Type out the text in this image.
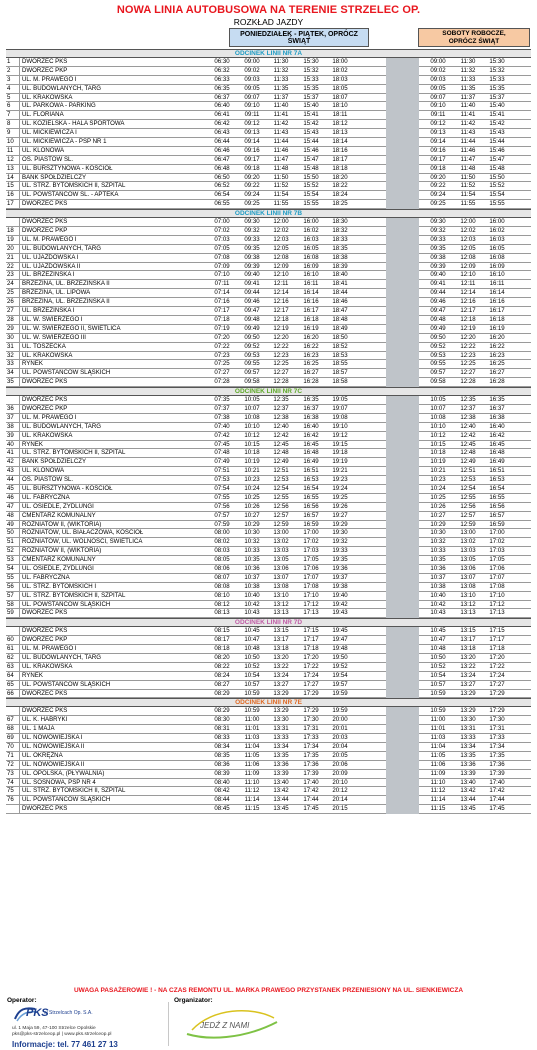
NOWA LINIA AUTOBUSOWA NA TERENIE STRZELEC OP.
ROZKŁAD JAZDY
PONIEDZIAŁEK - PIĄTEK, OPRÓCZ ŚWIĄT
SOBOTY ROBOCZE,
OPRÓCZ ŚWIĄT
ODCINEK LINII NR 7A
1	DWORZEC PKS	06:30	09:00	11:30	15:30	18:00	09:00	11:30	15:30
2	DWORZEC PKP	06:32	09:02	11:32	15:32	18:02	09:02	11:32	15:32
3	UL. M. PRAWEGO I	06:33	09:03	11:33	15:33	18:03	09:03	11:33	15:33
4	UL. BUDOWLANYCH, TARG	06:35	09:05	11:35	15:35	18:05	09:05	11:35	15:35
5	UL. KRAKOWSKA	06:37	09:07	11:37	15:37	18:07	09:07	11:37	15:37
6	UL. PARKOWA - PARKING	06:40	09:10	11:40	15:40	18:10	09:10	11:40	15:40
7	UL. FLORIANA	06:41	09:11	11:41	15:41	18:11	09:11	11:41	15:41
8	UL. KOZIELSKA - HALA SPORTOWA	06:42	09:12	11:42	15:42	18:12	09:12	11:42	15:42
9	UL. MICKIEWICZA I	06:43	09:13	11:43	15:43	18:13	09:13	11:43	15:43
10	UL. MICKIEWICZA - PSP NR 1	06:44	09:14	11:44	15:44	18:14	09:14	11:44	15:44
11	UL. KLONOWA	06:46	09:16	11:46	15:46	18:16	09:16	11:46	15:46
12	OS. PIASTÓW ŚL.	06:47	09:17	11:47	15:47	18:17	09:17	11:47	15:47
13	UL. BURSZTYNOWA - KOŚCIÓŁ	06:48	09:18	11:48	15:48	18:18	09:18	11:48	15:48
14	BANK SPÓŁDZIELCZY	06:50	09:20	11:50	15:50	18:20	09:20	11:50	15:50
15	UL. STRZ. BYTOMSKICH II, SZPITAL	06:52	09:22	11:52	15:52	18:22	09:22	11:52	15:52
16	UL. POWSTAŃCÓW ŚL. - APTEKA	06:54	09:24	11:54	15:54	18:24	09:24	11:54	15:54
17	DWORZEC PKS	06:55	09:25	11:55	15:55	18:25	09:25	11:55	15:55
ODCINEK LINII NR 7B
DWORZEC PKS	07:00	09:30	12:00	16:00	18:30	09:30	12:00	16:00
18	DWORZEC PKP	07:02	09:32	12:02	16:02	18:32	09:32	12:02	16:02
19	UL. M. PRAWEGO I	07:03	09:33	12:03	16:03	18:33	09:33	12:03	16:03
20	UL. BUDOWLANYCH, TARG	07:05	09:35	12:05	16:05	18:35	09:35	12:05	16:05
21	UL. UJAZDOWSKA I	07:08	09:38	12:08	16:08	18:38	09:38	12:08	16:08
22	UL. UJAZDOWSKA II	07:09	09:39	12:09	16:09	18:39	09:39	12:09	16:09
23	UL. BRZEZIŃSKA I	07:10	09:40	12:10	16:10	18:40	09:40	12:10	16:10
24	BRZEZINA, UL. BRZEZIŃSKA II	07:11	09:41	12:11	16:11	18:41	09:41	12:11	16:11
25	BRZEZINA, UL. LIPOWA	07:14	09:44	12:14	16:14	18:44	09:44	12:14	16:14
26	BRZEZINA, UL. BRZEZIŃSKA II	07:16	09:46	12:16	16:16	18:46	09:46	12:16	16:16
27	UL. BRZEZIŃSKA I	07:17	09:47	12:17	16:17	18:47	09:47	12:17	16:17
28	UL. W. ŚWIERZEGO I	07:18	09:48	12:18	16:18	18:48	09:48	12:18	16:18
29	UL. W. ŚWIERZEGO II, ŚWIETLICA	07:19	09:49	12:19	16:19	18:49	09:49	12:19	16:19
30	UL. W. ŚWIERZEGO III	07:20	09:50	12:20	16:20	18:50	09:50	12:20	16:20
31	UL. TOSZECKA	07:22	09:52	12:22	16:22	18:52	09:52	12:22	16:22
32	UL. KRAKOWSKA	07:23	09:53	12:23	16:23	18:53	09:53	12:23	16:23
33	RYNEK	07:25	09:55	12:25	16:25	18:55	09:55	12:25	16:25
34	UL. POWSTAŃCÓW ŚLĄSKICH	07:27	09:57	12:27	16:27	18:57	09:57	12:27	16:27
35	DWORZEC PKS	07:28	09:58	12:28	16:28	18:58	09:58	12:28	16:28
ODCINEK LINII NR 7C
DWORZEC PKS	07:35	10:05	12:35	16:35	19:05	10:05	12:35	16:35
36	DWORZEC PKP	07:37	10:07	12:37	16:37	19:07	10:07	12:37	16:37
37	UL. M. PRAWEGO I	07:38	10:08	12:38	16:38	19:08	10:08	12:38	16:38
38	UL. BUDOWLANYCH, TARG	07:40	10:10	12:40	16:40	19:10	10:10	12:40	16:40
39	UL. KRAKOWSKA	07:42	10:12	12:42	16:42	19:12	10:12	12:42	16:42
40	RYNEK	07:45	10:15	12:45	16:45	19:15	10:15	12:45	16:45
41	UL. STRZ. BYTOMSKICH II, SZPITAL	07:48	10:18	12:48	16:48	19:18	10:18	12:48	16:48
42	BANK SPÓŁDZIELCZY	07:49	10:19	12:49	16:49	19:19	10:19	12:49	16:49
43	UL. KLONOWA	07:51	10:21	12:51	16:51	19:21	10:21	12:51	16:51
44	OS. PIASTÓW ŚL.	07:53	10:23	12:53	16:53	19:23	10:23	12:53	16:53
45	UL. BURSZTYNOWA - KOŚCIÓŁ	07:54	10:24	12:54	16:54	19:24	10:24	12:54	16:54
46	UL. FABRYCZNA	07:55	10:25	12:55	16:55	19:25	10:25	12:55	16:55
47	UL. OSIEDLE, ZYDLUNGI	07:56	10:26	12:56	16:56	19:26	10:26	12:56	16:56
48	CMENTARZ KOMUNALNY	07:57	10:27	12:57	16:57	19:27	10:27	12:57	16:57
49	ROŻNIATÓW II, (WIKTORIA)	07:59	10:29	12:59	16:59	19:29	10:29	12:59	16:59
50	ROŻNIATÓW, UL. BIAŁACZOWA, KOŚCIÓŁ	08:00	10:30	13:00	17:00	19:30	10:30	13:00	17:00
51	ROŻNIATÓW, UL. WOLNOŚCI, ŚWIETLICA	08:02	10:32	13:02	17:02	19:32	10:32	13:02	17:02
52	ROŻNIATÓW II, (WIKTORIA)	08:03	10:33	13:03	17:03	19:33	10:33	13:03	17:03
53	CMENTARZ KOMUNALNY	08:05	10:35	13:05	17:05	19:35	10:35	13:05	17:05
54	UL. OSIEDLE, ZYDLUNGI	08:06	10:36	13:06	17:06	19:36	10:36	13:06	17:06
55	UL. FABRYCZNA	08:07	10:37	13:07	17:07	19:37	10:37	13:07	17:07
56	UL. STRZ. BYTOMSKICH I	08:08	10:38	13:08	17:08	19:38	10:38	13:08	17:08
57	UL. STRZ. BYTOMSKICH II, SZPITAL	08:10	10:40	13:10	17:10	19:40	10:40	13:10	17:10
58	UL. POWSTAŃCÓW ŚLĄSKICH	08:12	10:42	13:12	17:12	19:42	10:42	13:12	17:12
59	DWORZEC PKS	08:13	10:43	13:13	17:13	19:43	10:43	13:13	17:13
ODCINEK LINII NR 7D
DWORZEC PKS	08:15	10:45	13:15	17:15	19:45	10:45	13:15	17:15
60	DWORZEC PKP	08:17	10:47	13:17	17:17	19:47	10:47	13:17	17:17
61	UL. M. PRAWEGO I	08:18	10:48	13:18	17:18	19:48	10:48	13:18	17:18
62	UL. BUDOWLANYCH, TARG	08:20	10:50	13:20	17:20	19:50	10:50	13:20	17:20
63	UL. KRAKOWSKA	08:22	10:52	13:22	17:22	19:52	10:52	13:22	17:22
64	RYNEK	08:24	10:54	13:24	17:24	19:54	10:54	13:24	17:24
65	UL. POWSTAŃCÓW ŚLĄSKICH	08:27	10:57	13:27	17:27	19:57	10:57	13:27	17:27
66	DWORZEC PKS	08:29	10:59	13:29	17:29	19:59	10:59	13:29	17:29
ODCINEK LINII NR 7E
DWORZEC PKS	08:29	10:59	13:29	17:29	19:59	10:59	13:29	17:29
67	UL. K. HABRYKI	08:30	11:00	13:30	17:30	20:00	11:00	13:30	17:30
68	UL. 1 MAJA	08:31	11:01	13:31	17:31	20:01	11:01	13:31	17:31
69	UL. NOWOWIEJSKA I	08:33	11:03	13:33	17:33	20:03	11:03	13:33	17:33
70	UL. NOWOWIEJSKA II	08:34	11:04	13:34	17:34	20:04	11:04	13:34	17:34
71	UL. OKRĘŻNA	08:35	11:05	13:35	17:35	20:05	11:05	13:35	17:35
72	UL. NOWOWIEJSKA II	08:36	11:06	13:36	17:36	20:06	11:06	13:36	17:36
73	UL. OPOLSKA, (PŁYWALNIA)	08:39	11:09	13:39	17:39	20:09	11:09	13:39	17:39
74	UL. SOSNOWA, PSP NR 4	08:40	11:10	13:40	17:40	20:10	11:10	13:40	17:40
75	UL. STRZ. BYTOMSKICH II, SZPITAL	08:42	11:12	13:42	17:42	20:12	11:12	13:42	17:42
76	UL. POWSTAŃCÓW ŚLĄSKICH	08:44	11:14	13:44	17:44	20:14	11:14	13:44	17:44
DWORZEC PKS	08:45	11:15	13:45	17:45	20:15	11:15	13:45	17:45
UWAGA PASAŻEROWIE ! - NA CZAS REMONTU UL. MARKA PRAWEGO PRZYSTANEK PRZENIESIONY NA UL. SIENKIEWICZA
Operator:	Organizator:
PKS
w Strzelcach Op. S.A.
ul. 1 Maja 59, 47-100 Strzelce Opolskie
pks@pks-strzelceop.pl | www.pks.strzelceop.pl
Informacje: tel. 77 461 27 13
JEDŹ Z NAMI
